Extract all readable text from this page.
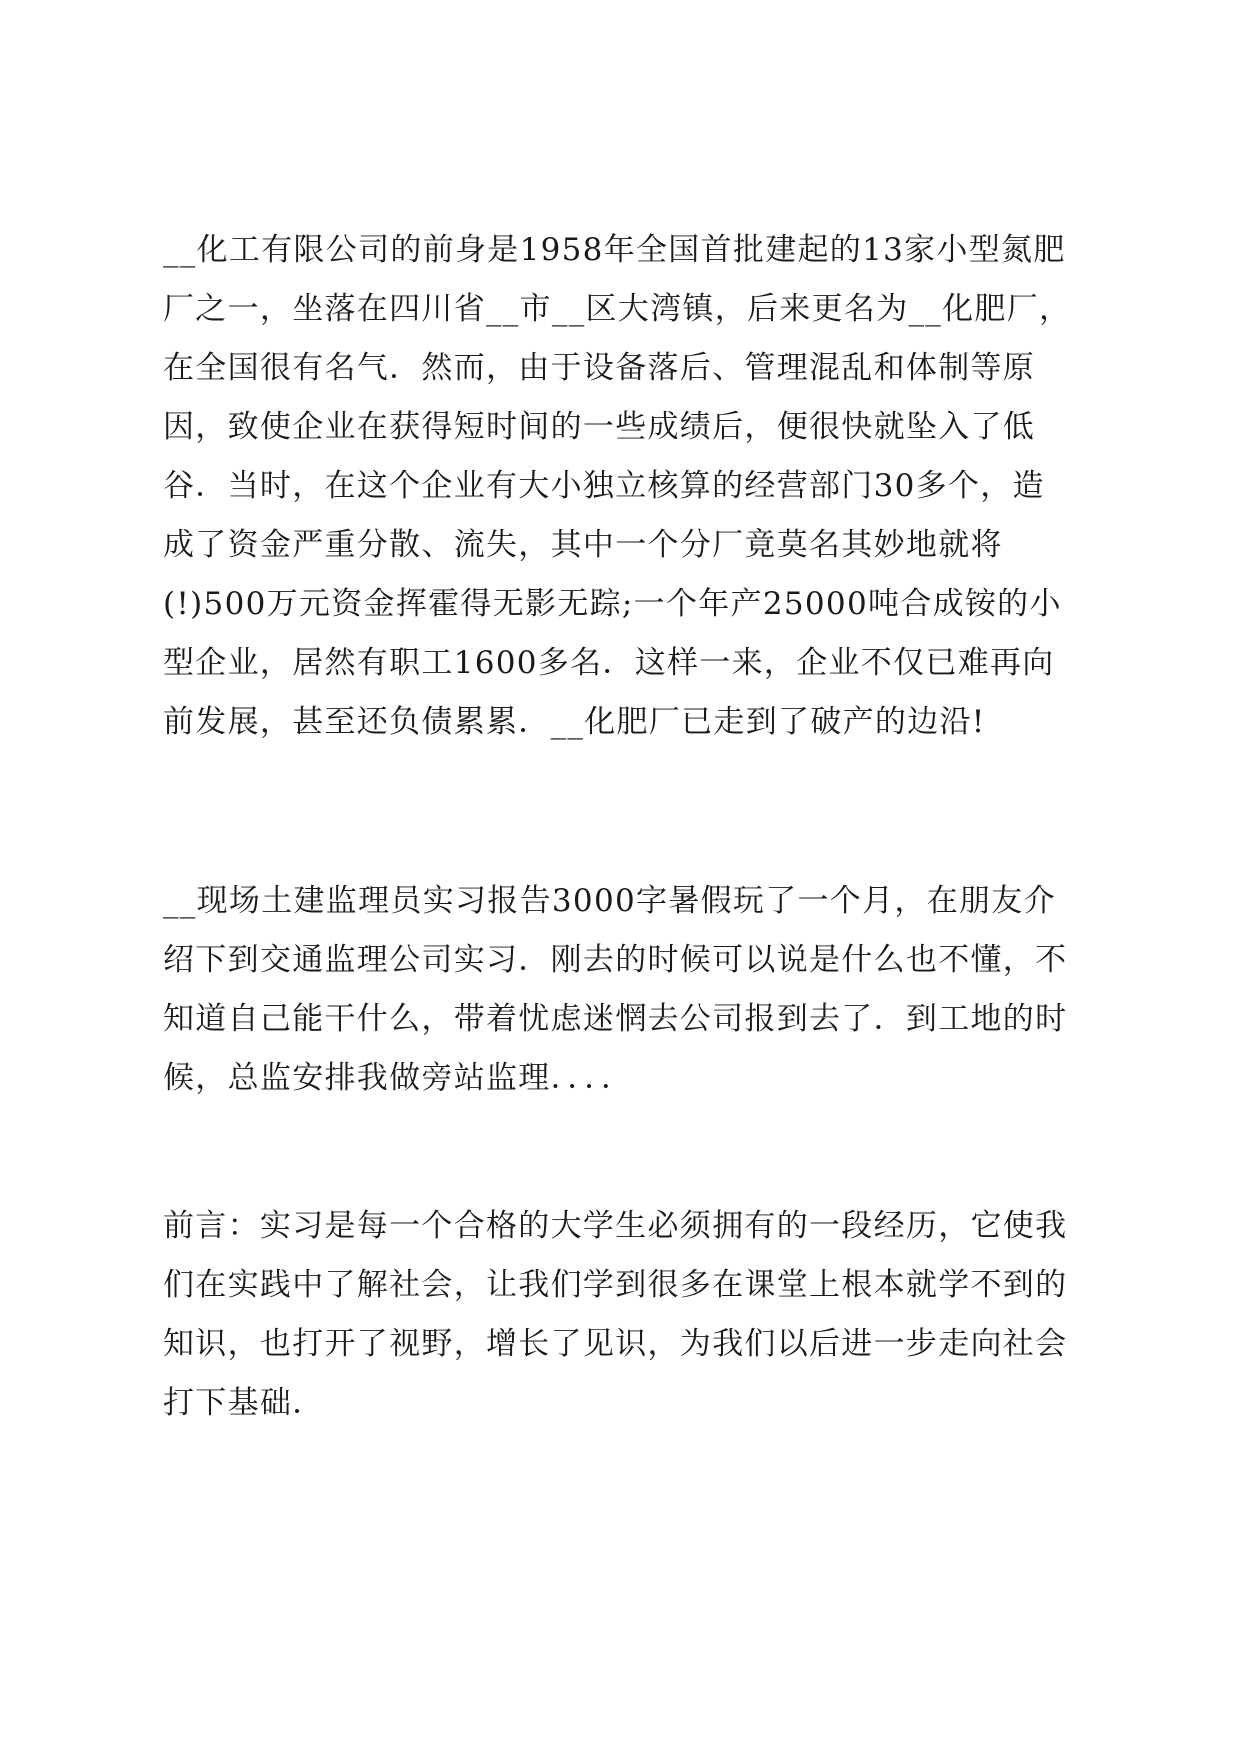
__化工有限公司的前身是1958年全国首批建起的13家小型氮肥
厂之一，坐落在四川省__市__区大湾镇，后来更名为__化肥厂，
在全国很有名气．然而，由于设备落后、管理混乱和体制等原
因，致使企业在获得短时间的一些成绩后，便很快就坠入了低
谷．当时，在这个企业有大小独立核算的经营部门30多个，造
成了资金严重分散、流失，其中一个分厂竟莫名其妙地就将
(!)500万元资金挥霍得无影无踪;一个年产25000吨合成铵的小
型企业，居然有职工1600多名．这样一来，企业不仅已难再向
前发展，甚至还负债累累．__化肥厂已走到了破产的边沿!
__现场土建监理员实习报告3000字暑假玩了一个月，在朋友介
绍下到交通监理公司实习．刚去的时候可以说是什么也不懂，不
知道自己能干什么，带着忧虑迷惘去公司报到去了．到工地的时
候，总监安排我做旁站监理．．．．
前言：实习是每一个合格的大学生必须拥有的一段经历，它使我
们在实践中了解社会，让我们学到很多在课堂上根本就学不到的
知识，也打开了视野，增长了见识，为我们以后进一步走向社会
打下基础．
